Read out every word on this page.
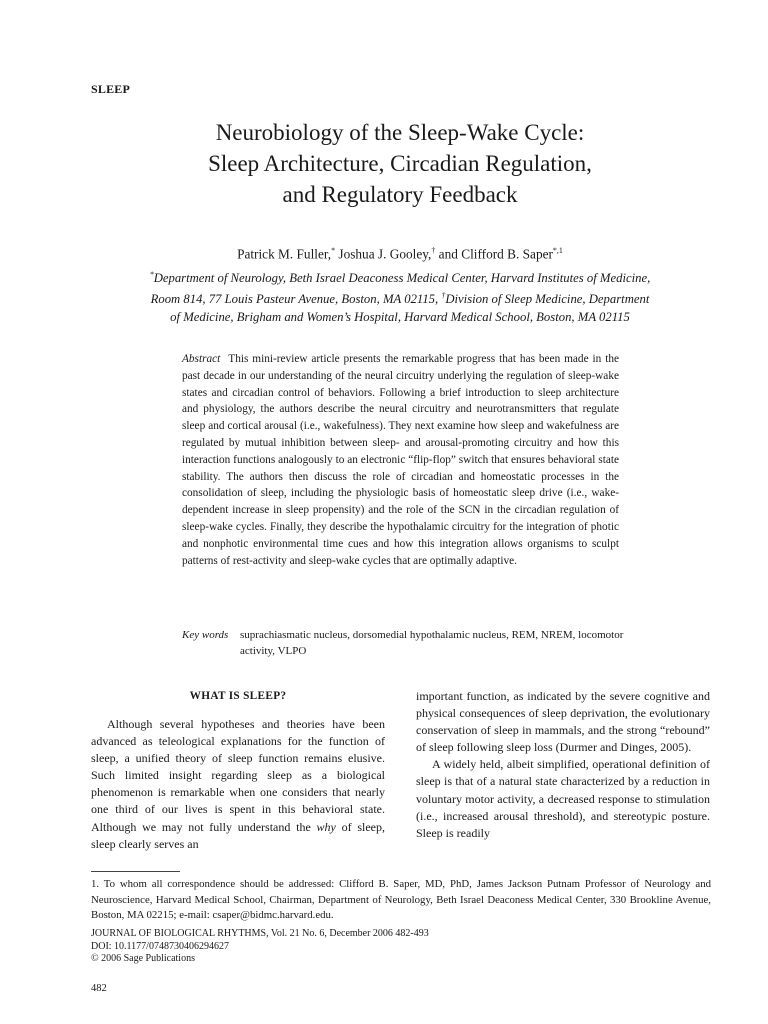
SLEEP
Neurobiology of the Sleep-Wake Cycle:
Sleep Architecture, Circadian Regulation,
and Regulatory Feedback
Patrick M. Fuller,* Joshua J. Gooley,† and Clifford B. Saper$^{*,1}$
*Department of Neurology, Beth Israel Deaconess Medical Center, Harvard Institutes of Medicine,
Room 814, 77 Louis Pasteur Avenue, Boston, MA 02115, †Division of Sleep Medicine, Department
of Medicine, Brigham and Women’s Hospital, Harvard Medical School, Boston, MA 02115
Abstract This mini-review article presents the remarkable progress that has been made in the past decade in our understanding of the neural circuitry underlying the regulation of sleep-wake states and circadian control of behaviors. Following a brief introduction to sleep architecture and physiology, the authors describe the neural circuitry and neurotransmitters that regulate sleep and cortical arousal (i.e., wakefulness). They next examine how sleep and wakefulness are regulated by mutual inhibition between sleep- and arousal-promoting circuitry and how this interaction functions analogously to an electronic “flip-flop” switch that ensures behavioral state stability. The authors then discuss the role of circadian and homeostatic processes in the consolidation of sleep, including the physiologic basis of homeostatic sleep drive (i.e., wake-dependent increase in sleep propensity) and the role of the SCN in the circadian regulation of sleep-wake cycles. Finally, they describe the hypothalamic circuitry for the integration of photic and nonphotic environmental time cues and how this integration allows organisms to sculpt patterns of rest-activity and sleep-wake cycles that are optimally adaptive.
Key words suprachiasmatic nucleus, dorsomedial hypothalamic nucleus, REM, NREM, locomotor activity, VLPO
WHAT IS SLEEP?

Although several hypotheses and theories have been advanced as teleological explanations for the function of sleep, a unified theory of sleep function remains elusive. Such limited insight regarding sleep as a biological phenomenon is remarkable when one considers that nearly one third of our lives is spent in this behavioral state. Although we may not fully understand the why of sleep, sleep clearly serves an

important function, as indicated by the severe cognitive and physical consequences of sleep deprivation, the evolutionary conservation of sleep in mammals, and the strong “rebound” of sleep following sleep loss (Durmer and Dinges, 2005).

A widely held, albeit simplified, operational definition of sleep is that of a natural state characterized by a reduction in voluntary motor activity, a decreased response to stimulation (i.e., increased arousal threshold), and stereotypic posture. Sleep is readily

1. To whom all correspondence should be addressed: Clifford B. Saper, MD, PhD, James Jackson Putnam Professor of Neurology and Neuroscience, Harvard Medical School, Chairman, Department of Neurology, Beth Israel Deaconess Medical Center, 330 Brookline Avenue, Boston, MA 02215; e-mail: csaper@bidmc.harvard.edu.
JOURNAL OF BIOLOGICAL RHYTHMS, Vol. 21 No. 6, December 2006 482-493
DOI: 10.1177/0748730406294627
© 2006 Sage Publications
482
